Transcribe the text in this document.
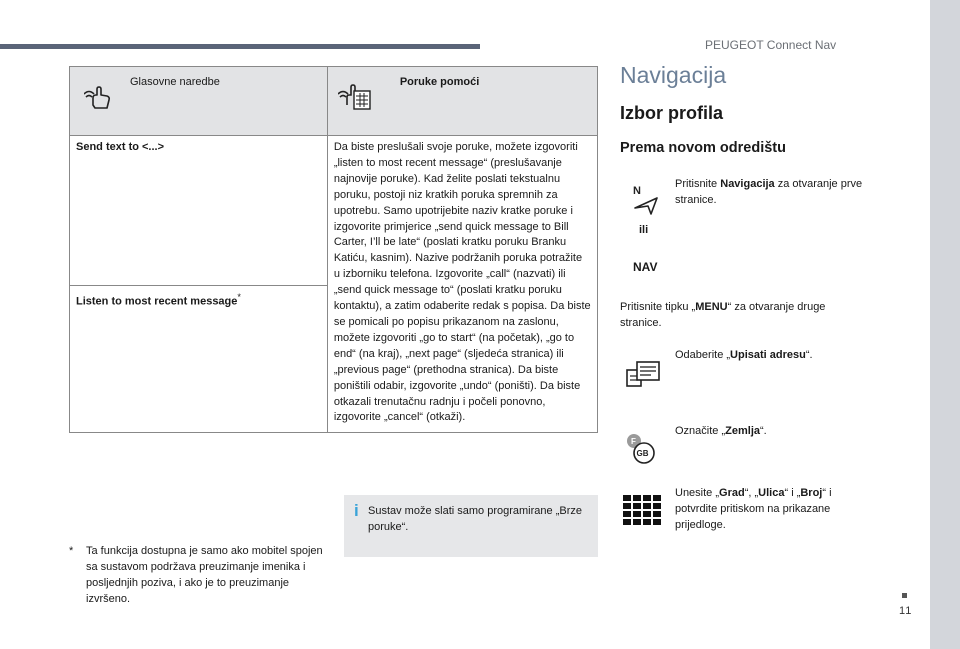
PEUGEOT Connect Nav
Glasovne naredbe	Poruke pomoći

Send text to <...>	Da biste preslušali svoje poruke, možete izgovoriti „listen to most recent message“ (preslušavanje najnovije poruke). Kad želite poslati tekstualnu poruku, postoji niz kratkih poruka spremnih za upotrebu. Samo upotrijebite naziv kratke poruke i izgovorite primjerice „send quick message to Bill Carter, I’ll be late“ (poslati kratku poruku Branku Katiću, kasnim). Nazive podržanih poruka potražite u izborniku telefona. Izgovorite „call“ (nazvati) ili „send quick message to“ (poslati kratku poruku kontaktu), a zatim odaberite redak s popisa. Da biste se pomicali po popisu prikazanom na zaslonu, možete izgovoriti „go to start“ (na početak), „go to end“ (na kraj), „next page“ (sljedeća stranica) ili „previous page“ (prethodna stranica). Da biste poništili odabir, izgovorite „undo“ (poništi). Da biste otkazali trenutačnu radnju i počeli ponovno, izgovorite „cancel“ (otkaži).
Listen to most recent message*
* Ta funkcija dostupna je samo ako mobitel spojen sa sustavom podržava preuzimanje imenika i posljednjih poziva, i ako je to preuzimanje izvršeno.
i Sustav može slati samo programirane „Brze poruke“.
Navigacija
Izbor profila
Prema novom odredištu
N
Pritisnite Navigacija za otvaranje prve stranice.
ili
NAV
Pritisnite tipku „MENU“ za otvaranje druge stranice.
Odaberite „Upisati adresu“.
F
GB
Označite „Zemlja“.
Unesite „Grad“, „Ulica“ i „Broj“ i potvrdite pritiskom na prikazane prijedloge.
11
